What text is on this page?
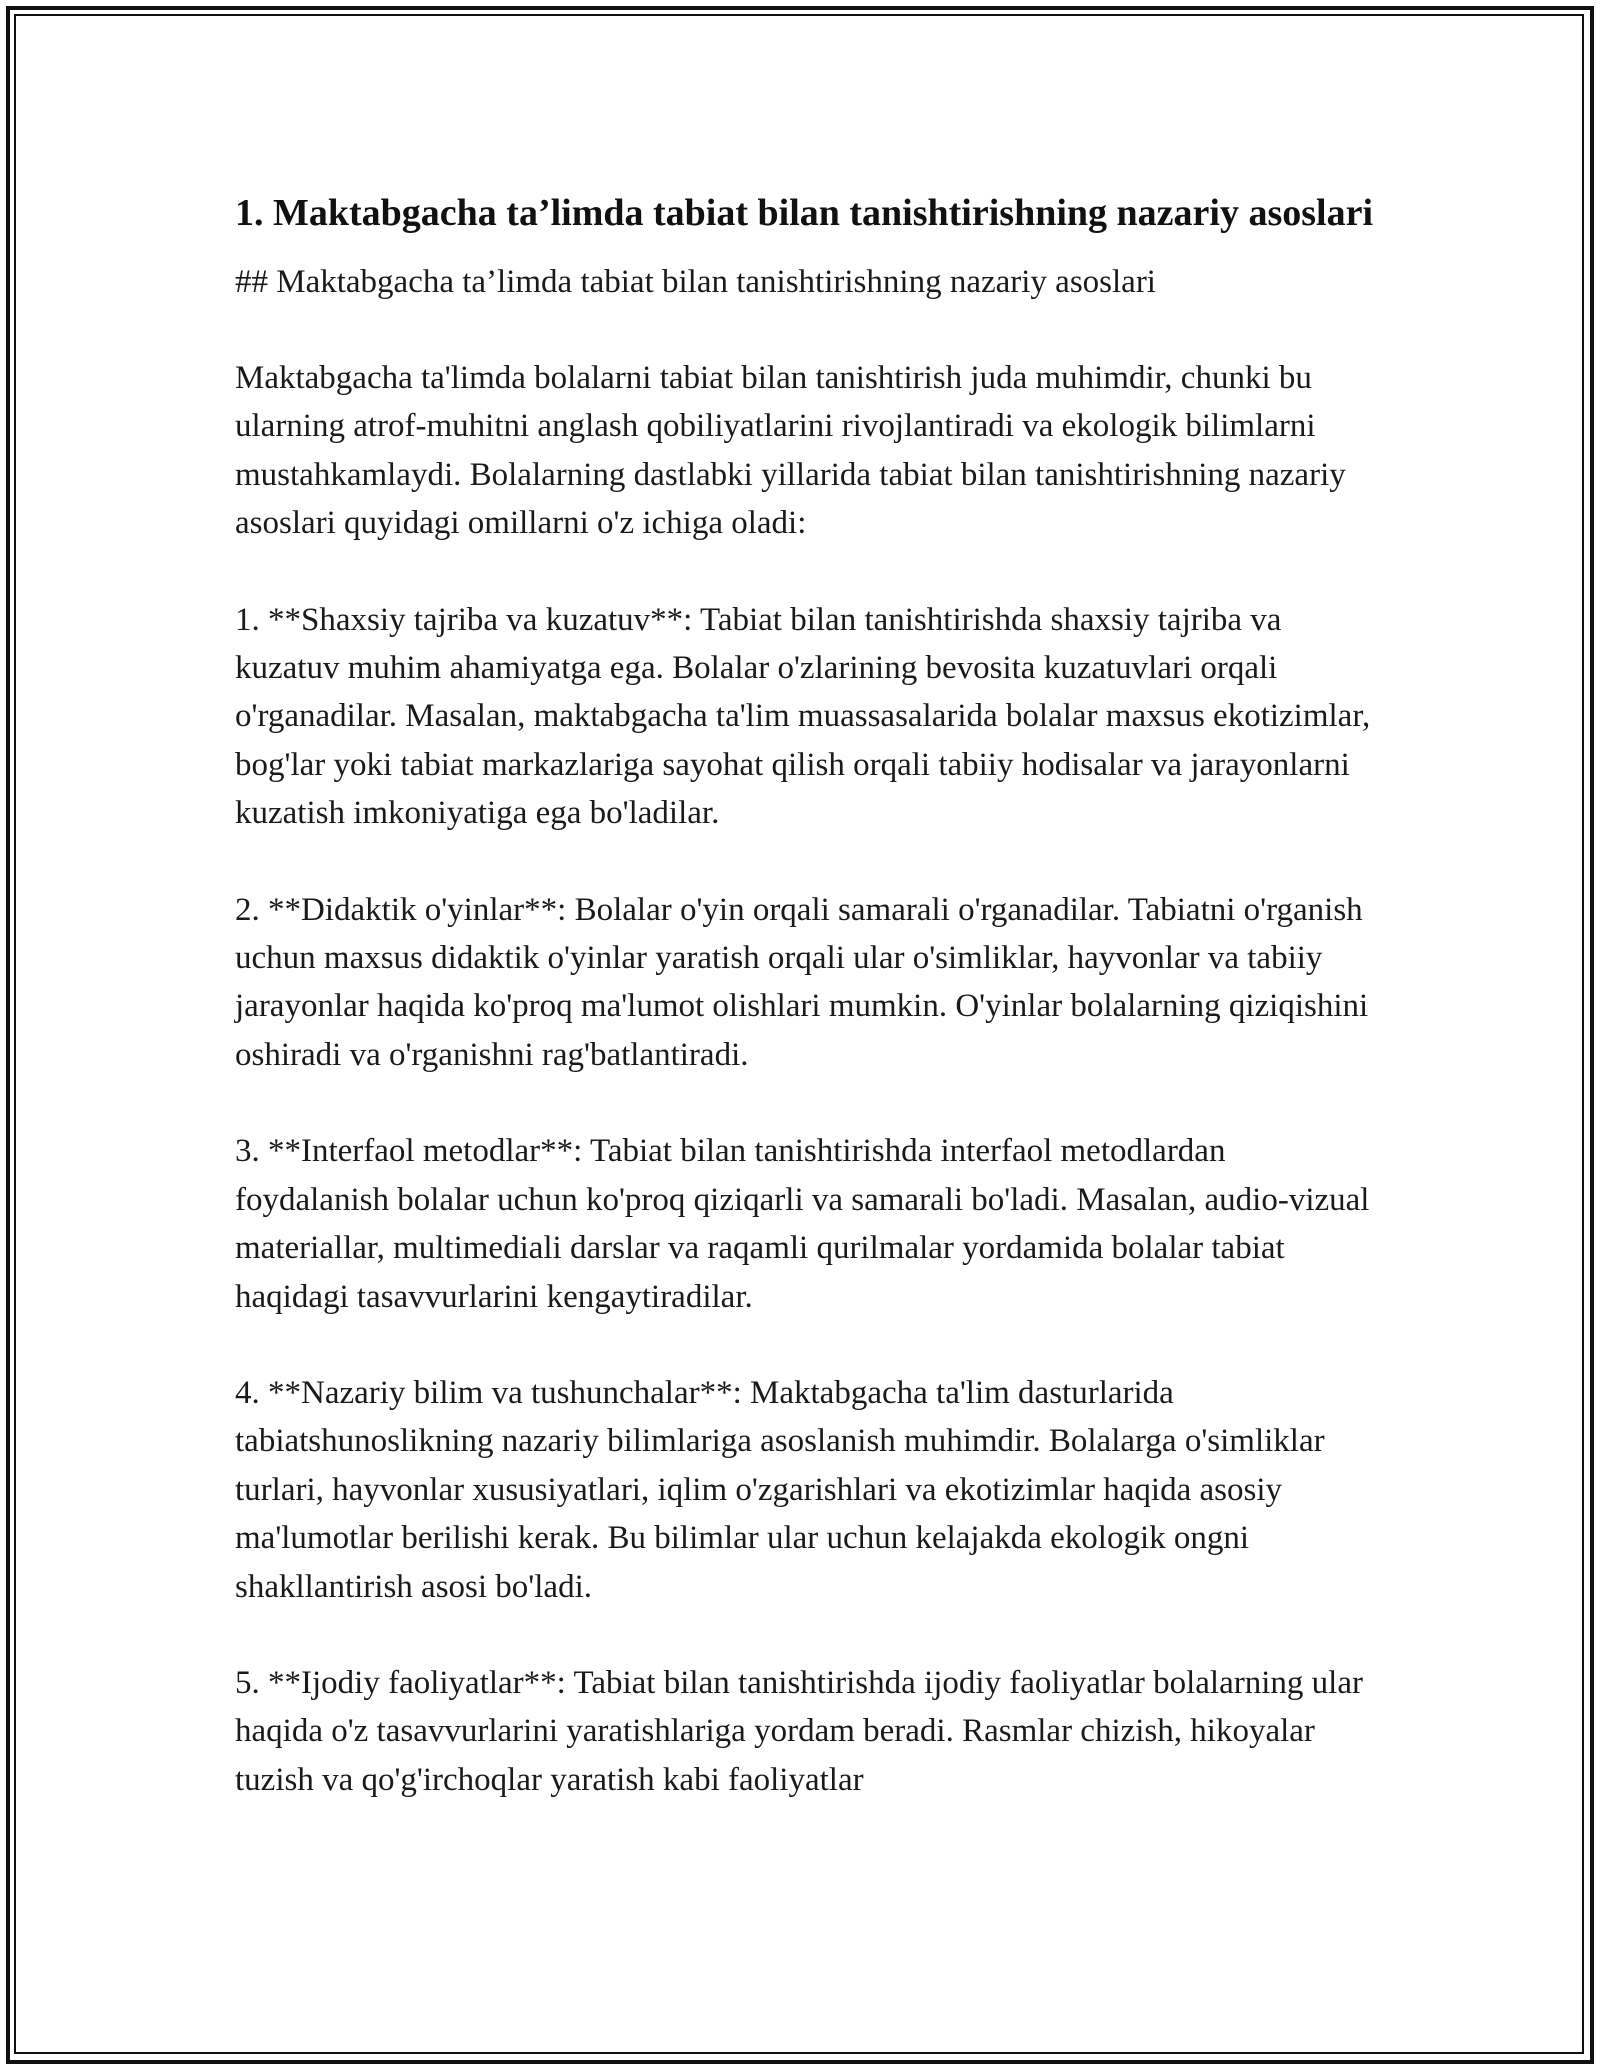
1. Maktabgacha ta’limda tabiat bilan tanishtirishning nazariy asoslari

## Maktabgacha ta’limda tabiat bilan tanishtirishning nazariy asoslari

Maktabgacha ta'limda bolalarni tabiat bilan tanishtirish juda muhimdir, chunki bu ularning atrof-muhitni anglash qobiliyatlarini rivojlantiradi va ekologik bilimlarni mustahkamlaydi. Bolalarning dastlabki yillarida tabiat bilan tanishtirishning nazariy asoslari quyidagi omillarni o'z ichiga oladi:

1. **Shaxsiy tajriba va kuzatuv**: Tabiat bilan tanishtirishda shaxsiy tajriba va kuzatuv muhim ahamiyatga ega. Bolalar o'zlarining bevosita kuzatuvlari orqali o'rganadilar. Masalan, maktabgacha ta'lim muassasalarida bolalar maxsus ekotizimlar, bog'lar yoki tabiat markazlariga sayohat qilish orqali tabiiy hodisalar va jarayonlarni kuzatish imkoniyatiga ega bo'ladilar.

2. **Didaktik o'yinlar**: Bolalar o'yin orqali samarali o'rganadilar. Tabiatni o'rganish uchun maxsus didaktik o'yinlar yaratish orqali ular o'simliklar, hayvonlar va tabiiy jarayonlar haqida ko'proq ma'lumot olishlari mumkin. O'yinlar bolalarning qiziqishini oshiradi va o'rganishni rag'batlantiradi.

3. **Interfaol metodlar**: Tabiat bilan tanishtirishda interfaol metodlardan foydalanish bolalar uchun ko'proq qiziqarli va samarali bo'ladi. Masalan, audio-vizual materiallar, multimediali darslar va raqamli qurilmalar yordamida bolalar tabiat haqidagi tasavvurlarini kengaytiradilar.

4. **Nazariy bilim va tushunchalar**: Maktabgacha ta'lim dasturlarida tabiatshunoslikning nazariy bilimlariga asoslanish muhimdir. Bolalarga o'simliklar turlari, hayvonlar xususiyatlari, iqlim o'zgarishlari va ekotizimlar haqida asosiy ma'lumotlar berilishi kerak. Bu bilimlar ular uchun kelajakda ekologik ongni shakllantirish asosi bo'ladi.

5. **Ijodiy faoliyatlar**: Tabiat bilan tanishtirishda ijodiy faoliyatlar bolalarning ular haqida o'z tasavvurlarini yaratishlariga yordam beradi. Rasmlar chizish, hikoyalar tuzish va qo'g'irchoqlar yaratish kabi faoliyatlar
